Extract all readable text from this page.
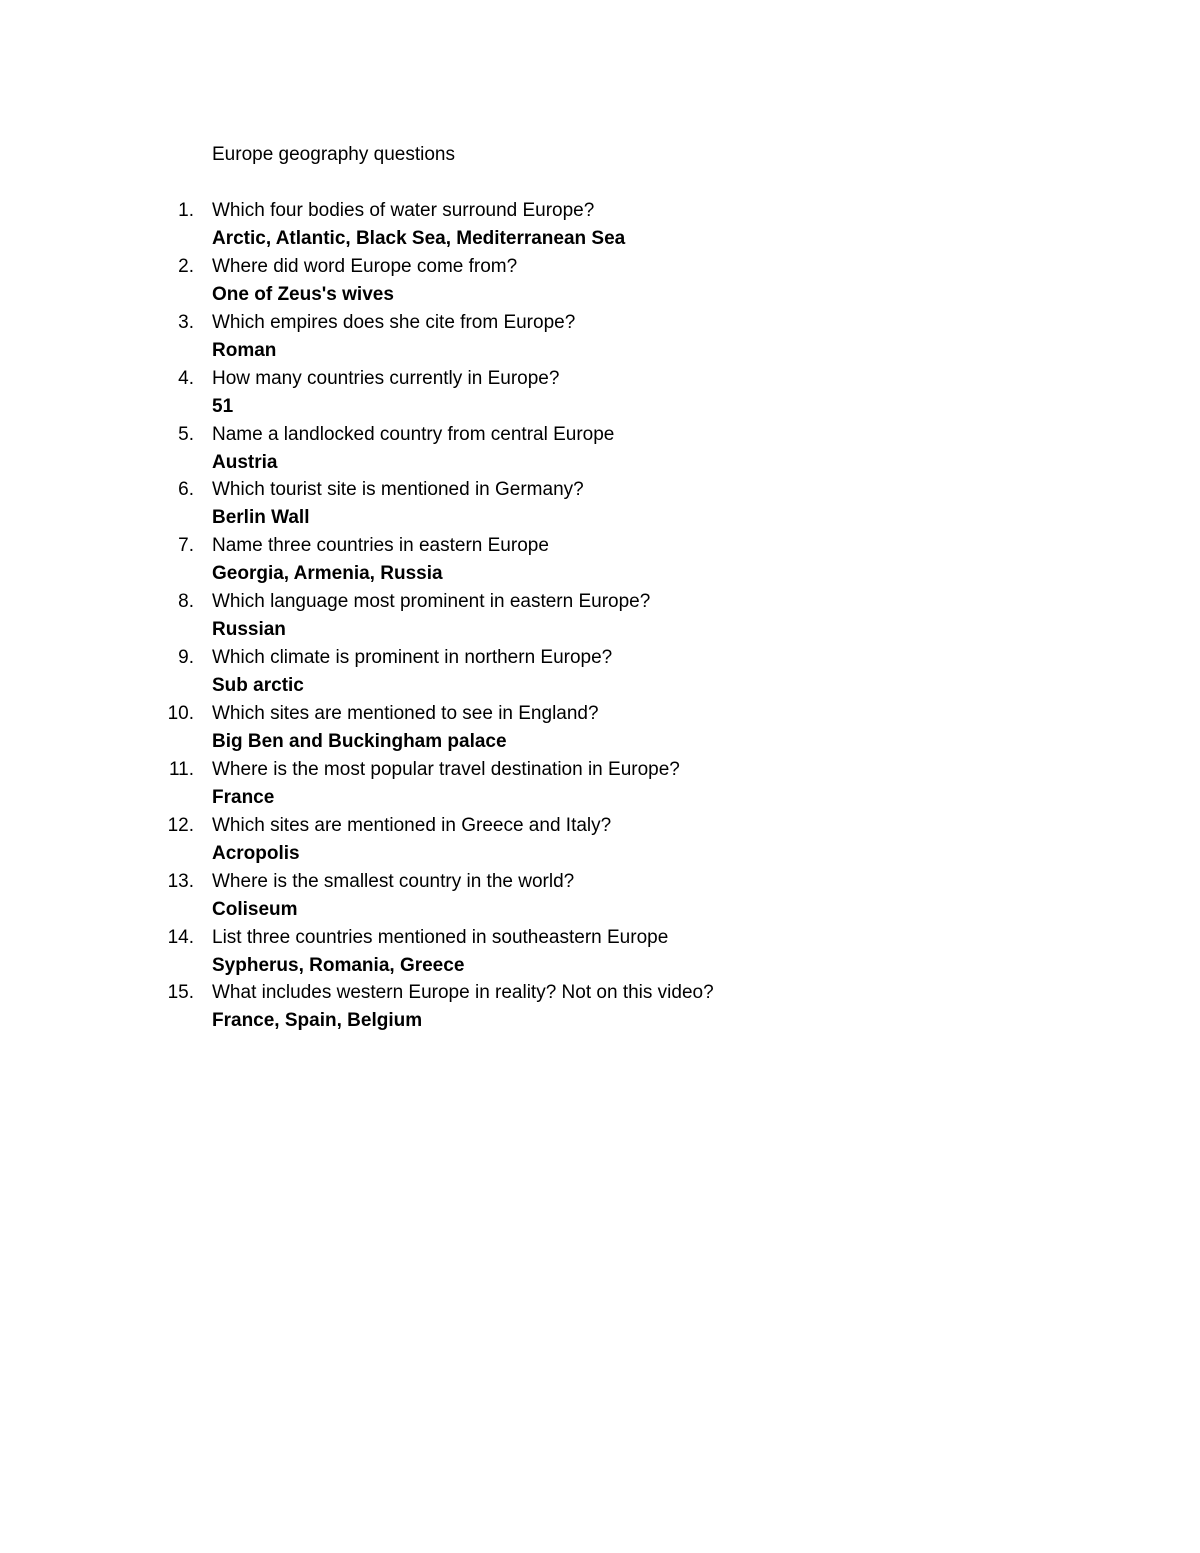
Europe geography questions
1. Which four bodies of water surround Europe?
Arctic, Atlantic, Black Sea, Mediterranean Sea
2. Where did word Europe come from?
One of Zeus's wives
3. Which empires does she cite from Europe?
Roman
4. How many countries currently in Europe?
51
5. Name a landlocked country from central Europe
Austria
6. Which tourist site is mentioned in Germany?
Berlin Wall
7. Name three countries in eastern Europe
Georgia, Armenia, Russia
8. Which language most prominent in eastern Europe?
Russian
9. Which climate is prominent in northern Europe?
Sub arctic
10. Which sites are mentioned to see in England?
Big Ben and Buckingham palace
11. Where is the most popular travel destination in Europe?
France
12. Which sites are mentioned in Greece and Italy?
Acropolis
13. Where is the smallest country in the world?
Coliseum
14. List three countries mentioned in southeastern Europe
Sypherus, Romania, Greece
15. What includes western Europe in reality? Not on this video?
France, Spain, Belgium
